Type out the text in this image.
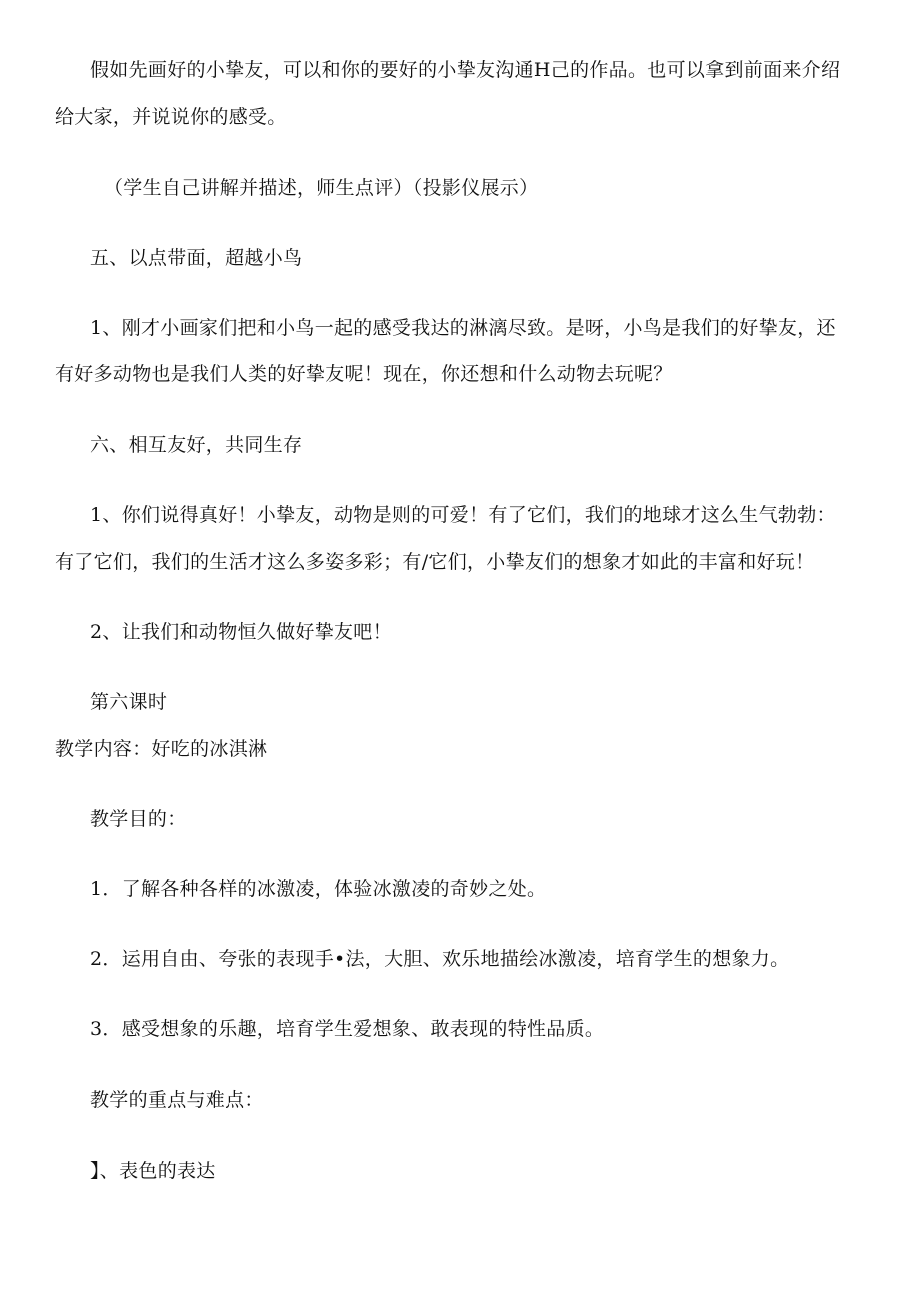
假如先画好的小挚友，可以和你的要好的小挚友沟通H己的作品。也可以拿到前面来介绍
给大家，并说说你的感受。
（学生自己讲解并描述，师生点评）（投影仪展示）
五、以点带面，超越小鸟
1、刚才小画家们把和小鸟一起的感受我达的淋漓尽致。是呀，小鸟是我们的好挚友，还
有好多动物也是我们人类的好挚友呢！现在，你还想和什么动物去玩呢？
六、相互友好，共同生存
1、你们说得真好！小挚友，动物是则的可爱！有了它们，我们的地球才这么生气勃勃：
有了它们，我们的生活才这么多姿多彩；有/它们，小挚友们的想象才如此的丰富和好玩！
2、让我们和动物恒久做好挚友吧！
第六课时
教学内容：好吃的冰淇淋
教学目的：
1．了解各种各样的冰激凌，体验冰激凌的奇妙之处。
2．运用自由、夸张的表现手•法，大胆、欢乐地描绘冰激凌，培育学生的想象力。
3．感受想象的乐趣，培育学生爱想象、敢表现的特性品质。
教学的重点与难点：
】、表色的表达
